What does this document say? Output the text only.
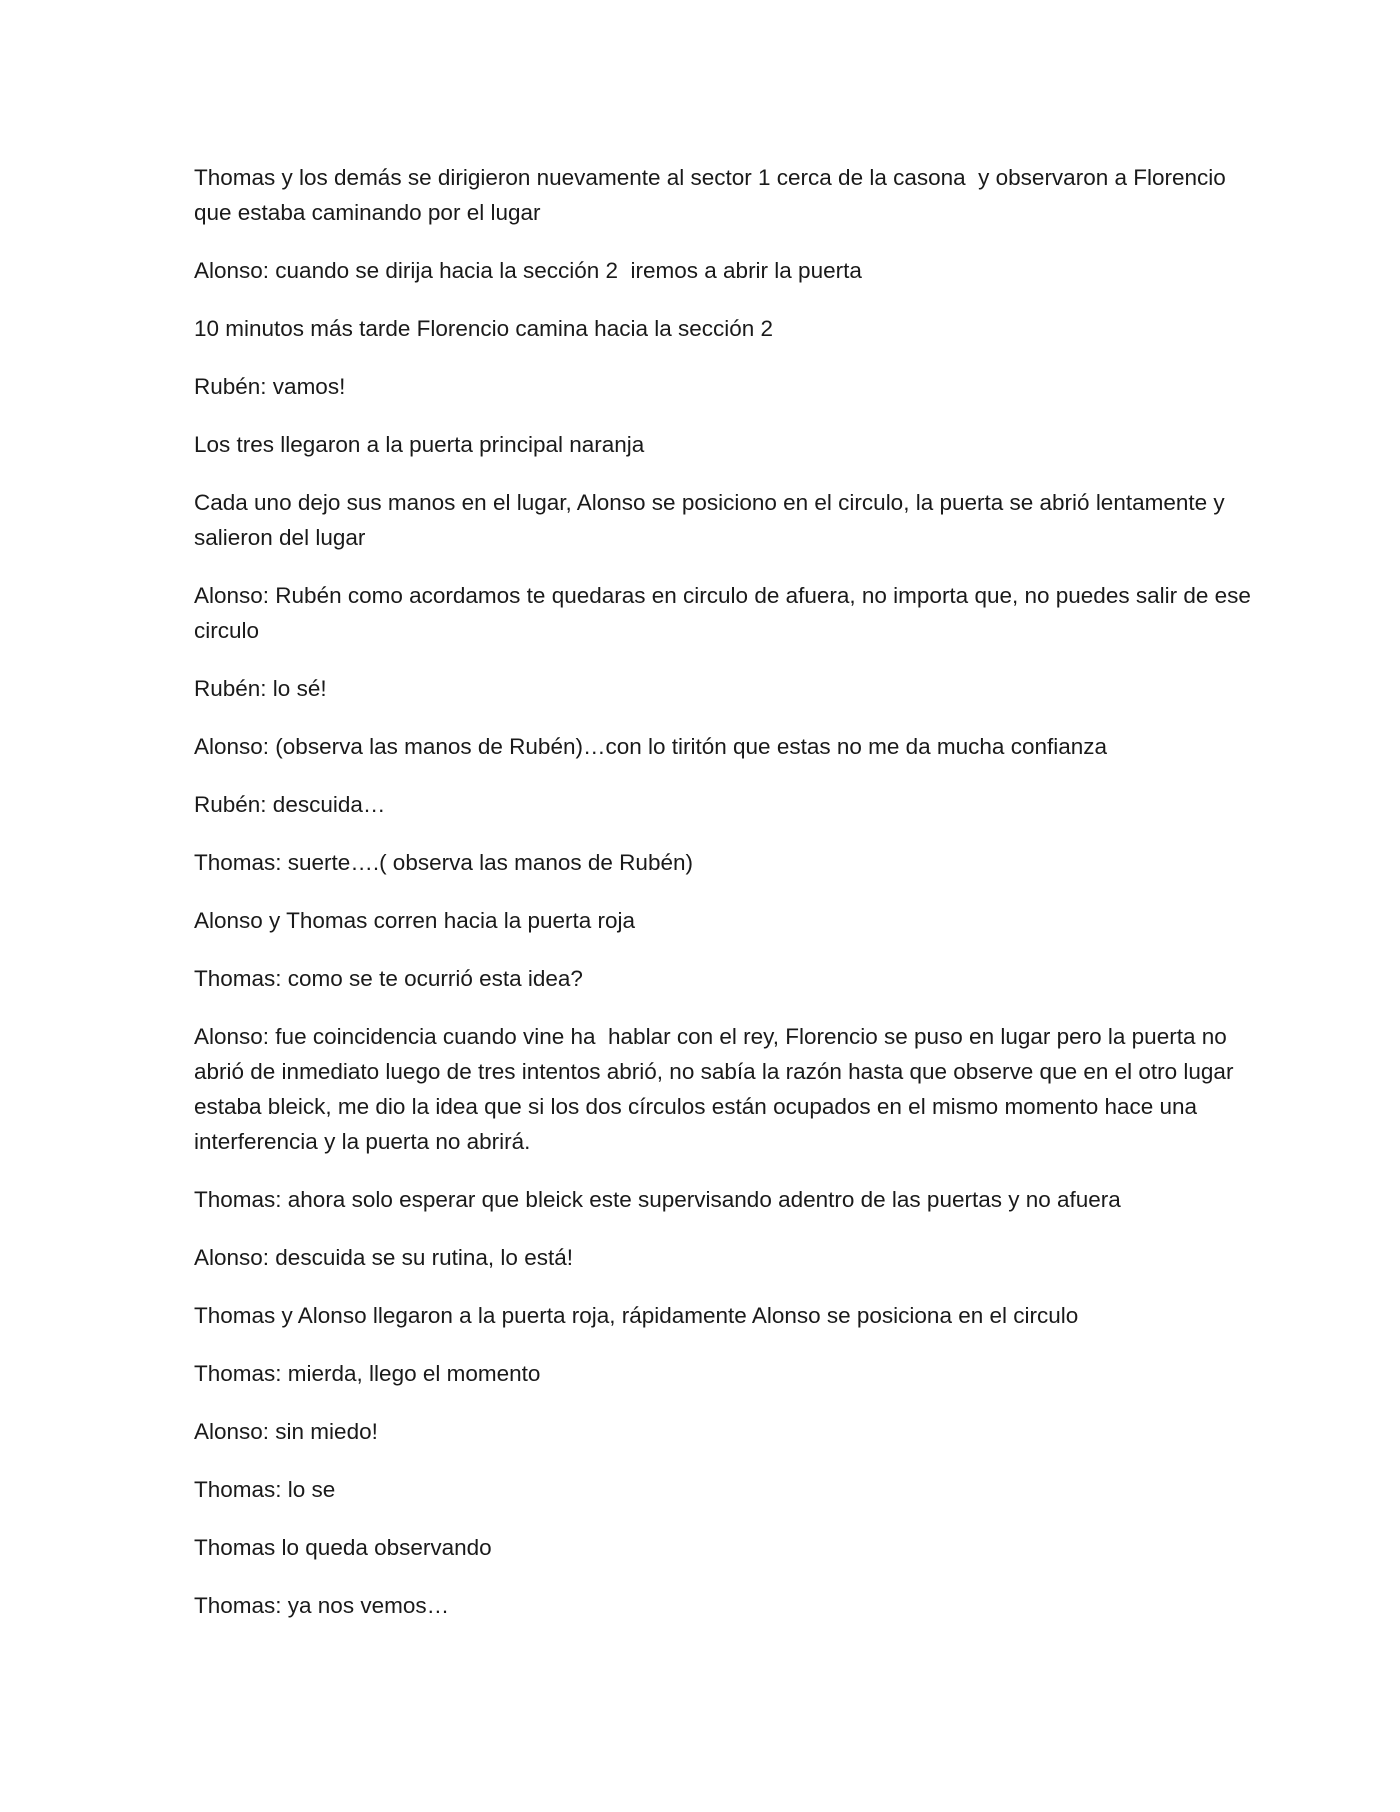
Thomas y los demás se dirigieron nuevamente al sector 1 cerca de la casona  y observaron a Florencio que estaba caminando por el lugar

Alonso: cuando se dirija hacia la sección 2  iremos a abrir la puerta

10 minutos más tarde Florencio camina hacia la sección 2

Rubén: vamos!

Los tres llegaron a la puerta principal naranja

Cada uno dejo sus manos en el lugar, Alonso se posiciono en el circulo, la puerta se abrió lentamente y salieron del lugar

Alonso: Rubén como acordamos te quedaras en circulo de afuera, no importa que, no puedes salir de ese circulo

Rubén: lo sé!

Alonso: (observa las manos de Rubén)…con lo tiritón que estas no me da mucha confianza

Rubén: descuida…

Thomas: suerte….( observa las manos de Rubén)

Alonso y Thomas corren hacia la puerta roja

Thomas: como se te ocurrió esta idea?

Alonso: fue coincidencia cuando vine ha  hablar con el rey, Florencio se puso en lugar pero la puerta no abrió de inmediato luego de tres intentos abrió, no sabía la razón hasta que observe que en el otro lugar estaba bleick, me dio la idea que si los dos círculos están ocupados en el mismo momento hace una interferencia y la puerta no abrirá.

Thomas: ahora solo esperar que bleick este supervisando adentro de las puertas y no afuera

Alonso: descuida se su rutina, lo está!

Thomas y Alonso llegaron a la puerta roja, rápidamente Alonso se posiciona en el circulo

Thomas: mierda, llego el momento

Alonso: sin miedo!

Thomas: lo se

Thomas lo queda observando

Thomas: ya nos vemos…
